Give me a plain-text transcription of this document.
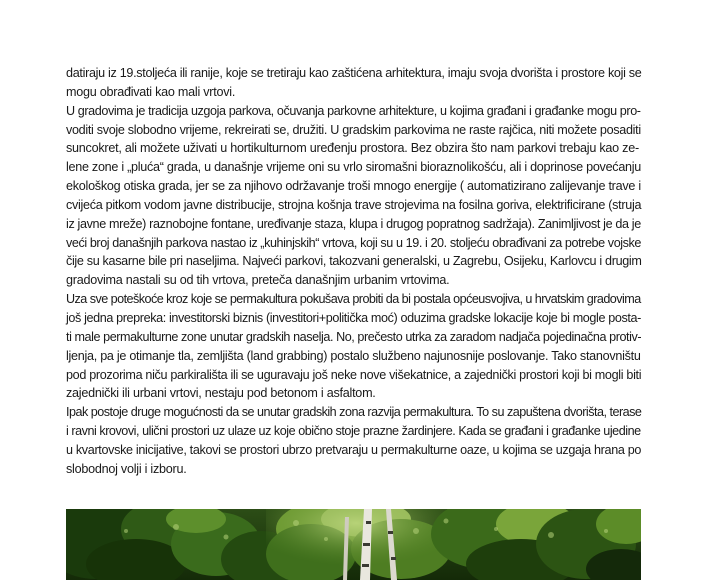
datiraju iz 19.stoljeća ili ranije, koje se tretiraju kao zaštićena arhitektura, imaju svoja dvorišta i prostore koji se
mogu obrađivati kao mali vrtovi.

U gradovima je tradicija uzgoja parkova, očuvanja parkovne arhitekture, u kojima građani i građanke mogu pro-
voditi svoje slobodno vrijeme, rekreirati se, družiti. U gradskim parkovima ne raste rajčica, niti možete posaditi
suncokret, ali možete uživati u hortikulturnom uređenju prostora. Bez obzira što nam parkovi trebaju kao ze-
lene zone i „pluća“ grada, u današnje vrijeme oni su vrlo siromašni bioraznolikošću, ali i doprinose povećanju
ekološkog otiska grada, jer se za njihovo održavanje troši mnogo energije ( automatizirano zalijevanje trave i
cvijeća pitkom vodom javne distribucije, strojna košnja trave strojevima na fosilna goriva, elektrificirane (struja
iz javne mreže) raznobojne fontane, uređivanje staza, klupa i drugog popratnog sadržaja). Zanimljivost je da je
veći broj današnjih parkova nastao iz „kuhinjskih“ vrtova, koji su u 19. i 20. stoljeću obrađivani za potrebe vojske
čije su kasarne bile pri naseljima. Najveći parkovi, takozvani generalski, u Zagrebu, Osijeku, Karlovcu i drugim
gradovima nastali su od tih vrtova, preteča današnjim urbanim vrtovima.

Uza sve poteškoće kroz koje se permakultura pokušava probiti da bi postala općeusvojiva, u hrvatskim gradovima
još jedna prepreka: investitorski biznis (investitori+politička moć) oduzima gradske lokacije koje bi mogle posta-
ti male permakulturne zone unutar gradskih naselja. No, prečesto utrka za zaradom nadjača pojedinačna protiv-
ljenja, pa je otimanje tla, zemljišta (land grabbing) postalo službeno najunosnije poslovanje. Tako stanovništu
pod prozorima niču parkirališta ili se uguravaju još neke nove višekatnice, a zajednički prostori koji bi mogli biti
zajednički ili urbani vrtovi, nestaju pod betonom i asfaltom.

Ipak postoje druge mogućnosti da se unutar gradskih zona razvija permakultura. To su zapuštena dvorišta, terase
i ravni krovovi, ulični prostori uz ulaze uz koje obično stoje prazne žardinjere. Kada se građani i građanke ujedine
u kvartovske inicijative, takovi se prostori ubrzo pretvaraju u permakulturne oaze, u kojima se uzgaja hrana po
slobodnoj volji i izboru.
